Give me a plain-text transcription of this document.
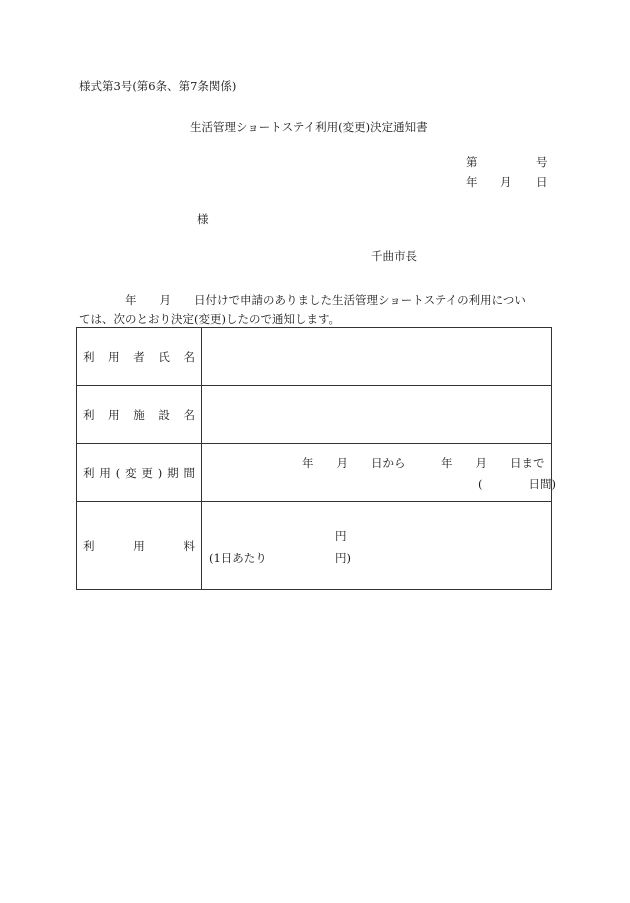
様式第3号(第6条、第7条関係)
生活管理ショートステイ利用(変更)決定通知書
第	号
年 月 日
様
千曲市長

　　　　年　　月　　日付けで申請のありました生活管理ショートステイの利用につい
ては、次のとおり決定(変更)したので通知します。

利用者氏名	
利用施設名	
利用(変更)期間	年　　月　　日から 年　　月　　日まで
(　　　　日間)

利用料	円
(1日あたり 円)
